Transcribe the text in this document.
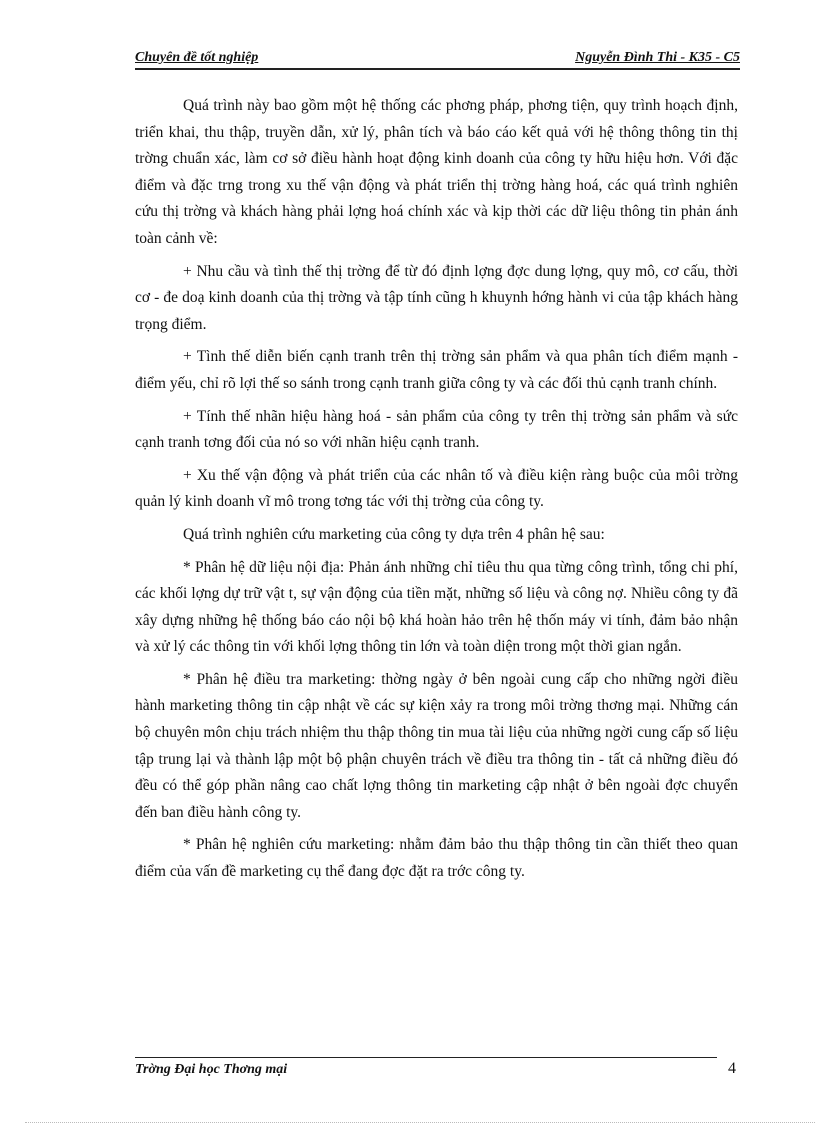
Chuyên đề tốt nghiệp	Nguyễn Đình Thi - K35 - C5

Quá trình này bao gồm một hệ thống các phơng pháp, phơng tiện, quy trình hoạch định, triển khai, thu thập, truyền dẫn, xử lý, phân tích và báo cáo kết quả với hệ thông thông tin thị trờng chuẩn xác, làm cơ sở điều hành hoạt động kinh doanh của công ty hữu hiệu hơn. Với đặc điểm và đặc trng trong xu thế vận động và phát triển thị trờng hàng hoá, các quá trình nghiên cứu thị trờng và khách hàng phải lợng hoá chính xác và kịp thời các dữ liệu thông tin phản ánh toàn cảnh về:

+ Nhu cầu và tình thế thị trờng để từ đó định lợng đợc dung lợng, quy mô, cơ cấu, thời cơ - đe doạ kinh doanh của thị trờng và tập tính cũng h khuynh hớng hành vi của tập khách hàng trọng điểm.

+ Tình thế diễn biến cạnh tranh trên thị trờng sản phẩm và qua phân tích điểm mạnh - điểm yếu, chỉ rõ lợi thế so sánh trong cạnh tranh giữa công ty và các đối thủ cạnh tranh chính.

+ Tính thế nhãn hiệu hàng hoá - sản phẩm của công ty trên thị trờng sản phẩm và sức cạnh tranh tơng đối của nó so với nhãn hiệu cạnh tranh.

+ Xu thế vận động và phát triển của các nhân tố và điều kiện ràng buộc của môi trờng quản lý kinh doanh vĩ mô trong tơng tác với thị trờng của công ty.

Quá trình nghiên cứu marketing của công ty dựa trên 4 phân hệ sau:

* Phân hệ dữ liệu nội địa: Phản ánh những chỉ tiêu thu qua từng công trình, tổng chi phí, các khối lợng dự trữ vật t, sự vận động của tiền mặt, những số liệu và công nợ. Nhiều công ty đã xây dựng những hệ thống báo cáo nội bộ khá hoàn hảo trên hệ thốn máy vi tính, đảm bảo nhận và xử lý các thông tin với khối lợng thông tin lớn và toàn diện trong một thời gian ngắn.

* Phân hệ điều tra marketing: thờng ngày ở bên ngoài cung cấp cho những ngời điều hành marketing thông tin cập nhật về các sự kiện xảy ra trong môi trờng thơng mại. Những cán bộ chuyên môn chịu trách nhiệm thu thập thông tin mua tài liệu của những ngời cung cấp số liệu tập trung lại và thành lập một bộ phận chuyên trách về điều tra thông tin - tất cả những điều đó đều có thể góp phần nâng cao chất lợng thông tin marketing cập nhật ở bên ngoài đợc chuyển đến ban điều hành công ty.

* Phân hệ nghiên cứu marketing: nhằm đảm bảo thu thập thông tin cần thiết theo quan điểm của vấn đề marketing cụ thể đang đợc đặt ra trớc công ty.

Trờng Đại học Thơng mại	4
